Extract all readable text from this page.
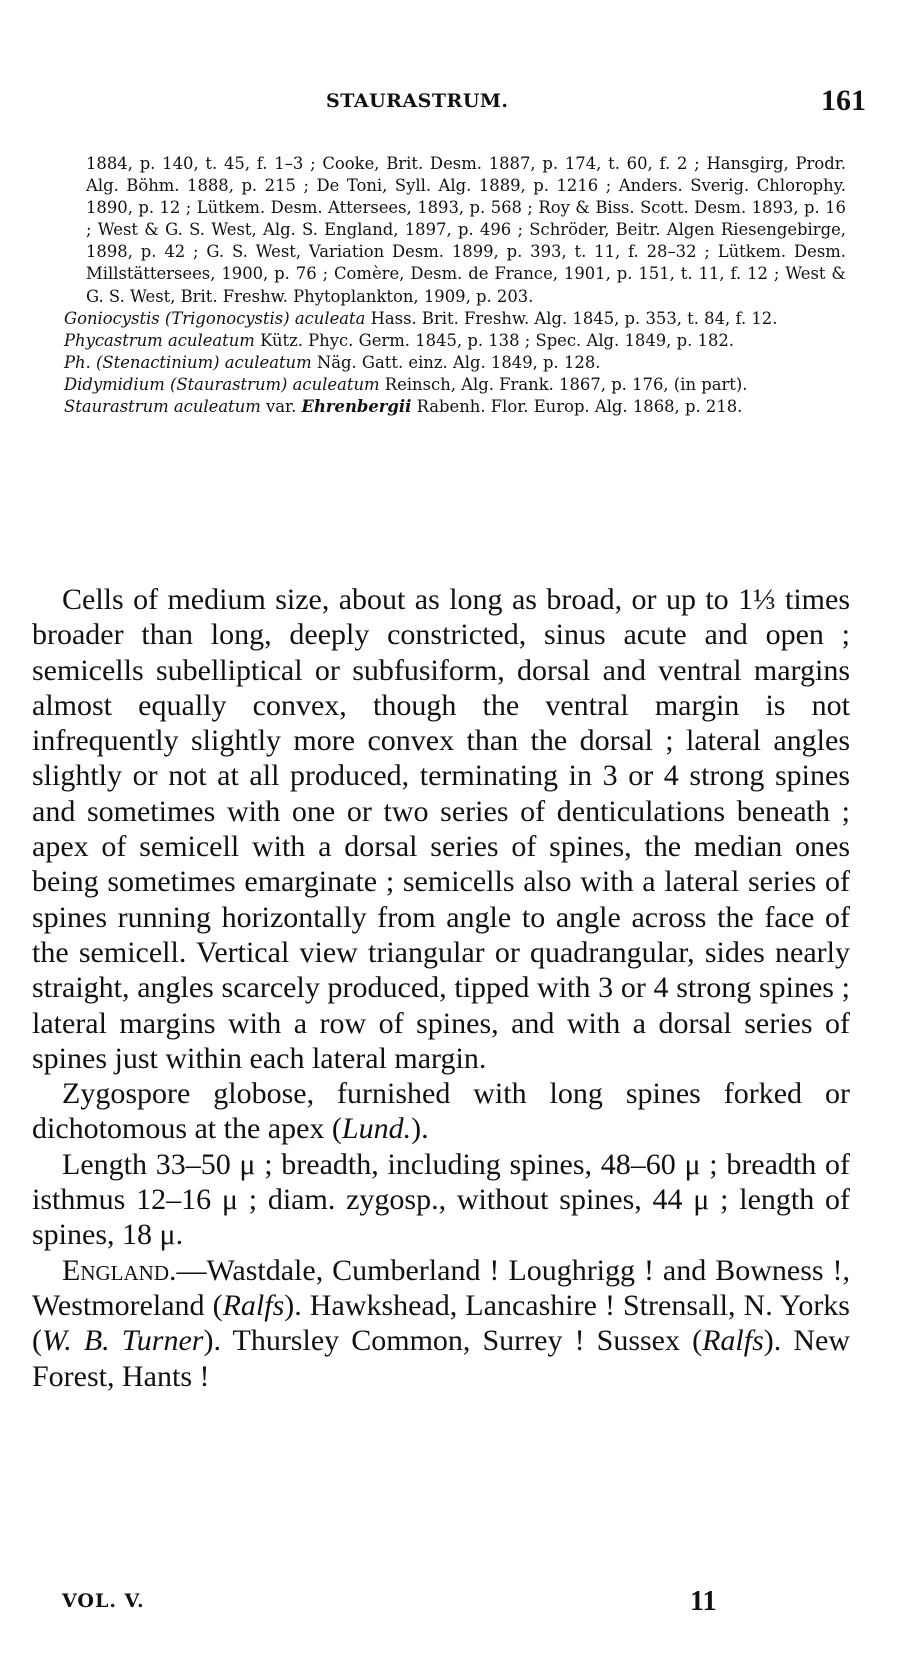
STAURASTRUM.	161
1884, p. 140, t. 45, f. 1–3 ; Cooke, Brit. Desm. 1887, p. 174, t. 60, f. 2 ; Hansgirg, Prodr. Alg. Böhm. 1888, p. 215 ; De Toni, Syll. Alg. 1889, p. 1216 ; Anders. Sverig. Chlorophy. 1890, p. 12 ; Lütkem. Desm. Attersees, 1893, p. 568 ; Roy & Biss. Scott. Desm. 1893, p. 16 ; West & G. S. West, Alg. S. England, 1897, p. 496 ; Schröder, Beitr. Algen Riesengebirge, 1898, p. 42 ; G. S. West, Variation Desm. 1899, p. 393, t. 11, f. 28–32 ; Lütkem. Desm. Millstättersees, 1900, p. 76 ; Comère, Desm. de France, 1901, p. 151, t. 11, f. 12 ; West & G. S. West, Brit. Freshw. Phytoplankton, 1909, p. 203.
Goniocystis (Trigonocystis) aculeata Hass. Brit. Freshw. Alg. 1845, p. 353, t. 84, f. 12.
Phycastrum aculeatum Kütz. Phyc. Germ. 1845, p. 138 ; Spec. Alg. 1849, p. 182.
Ph. (Stenactinium) aculeatum Näg. Gatt. einz. Alg. 1849, p. 128.
Didymidium (Staurastrum) aculeatum Reinsch, Alg. Frank. 1867, p. 176, (in part).
Staurastrum aculeatum var. Ehrenbergii Rabenh. Flor. Europ. Alg. 1868, p. 218.

Cells of medium size, about as long as broad, or up to 1⅓ times broader than long, deeply constricted, sinus acute and open ; semicells subelliptical or subfusiform, dorsal and ventral margins almost equally convex, though the ventral margin is not infrequently slightly more convex than the dorsal ; lateral angles slightly or not at all produced, terminating in 3 or 4 strong spines and sometimes with one or two series of denticulations beneath ; apex of semicell with a dorsal series of spines, the median ones being sometimes emarginate ; semicells also with a lateral series of spines running horizontally from angle to angle across the face of the semicell. Vertical view triangular or quadrangular, sides nearly straight, angles scarcely produced, tipped with 3 or 4 strong spines ; lateral margins with a row of spines, and with a dorsal series of spines just within each lateral margin.

Zygospore globose, furnished with long spines forked or dichotomous at the apex (Lund.).

Length 33–50 μ ; breadth, including spines, 48–60 μ ; breadth of isthmus 12–16 μ ; diam. zygosp., without spines, 44 μ ; length of spines, 18 μ.

England.—Wastdale, Cumberland ! Loughrigg ! and Bowness !, Westmoreland (Ralfs). Hawkshead, Lancashire ! Strensall, N. Yorks (W. B. Turner). Thursley Common, Surrey ! Sussex (Ralfs). New Forest, Hants !

VOL. V.	11
